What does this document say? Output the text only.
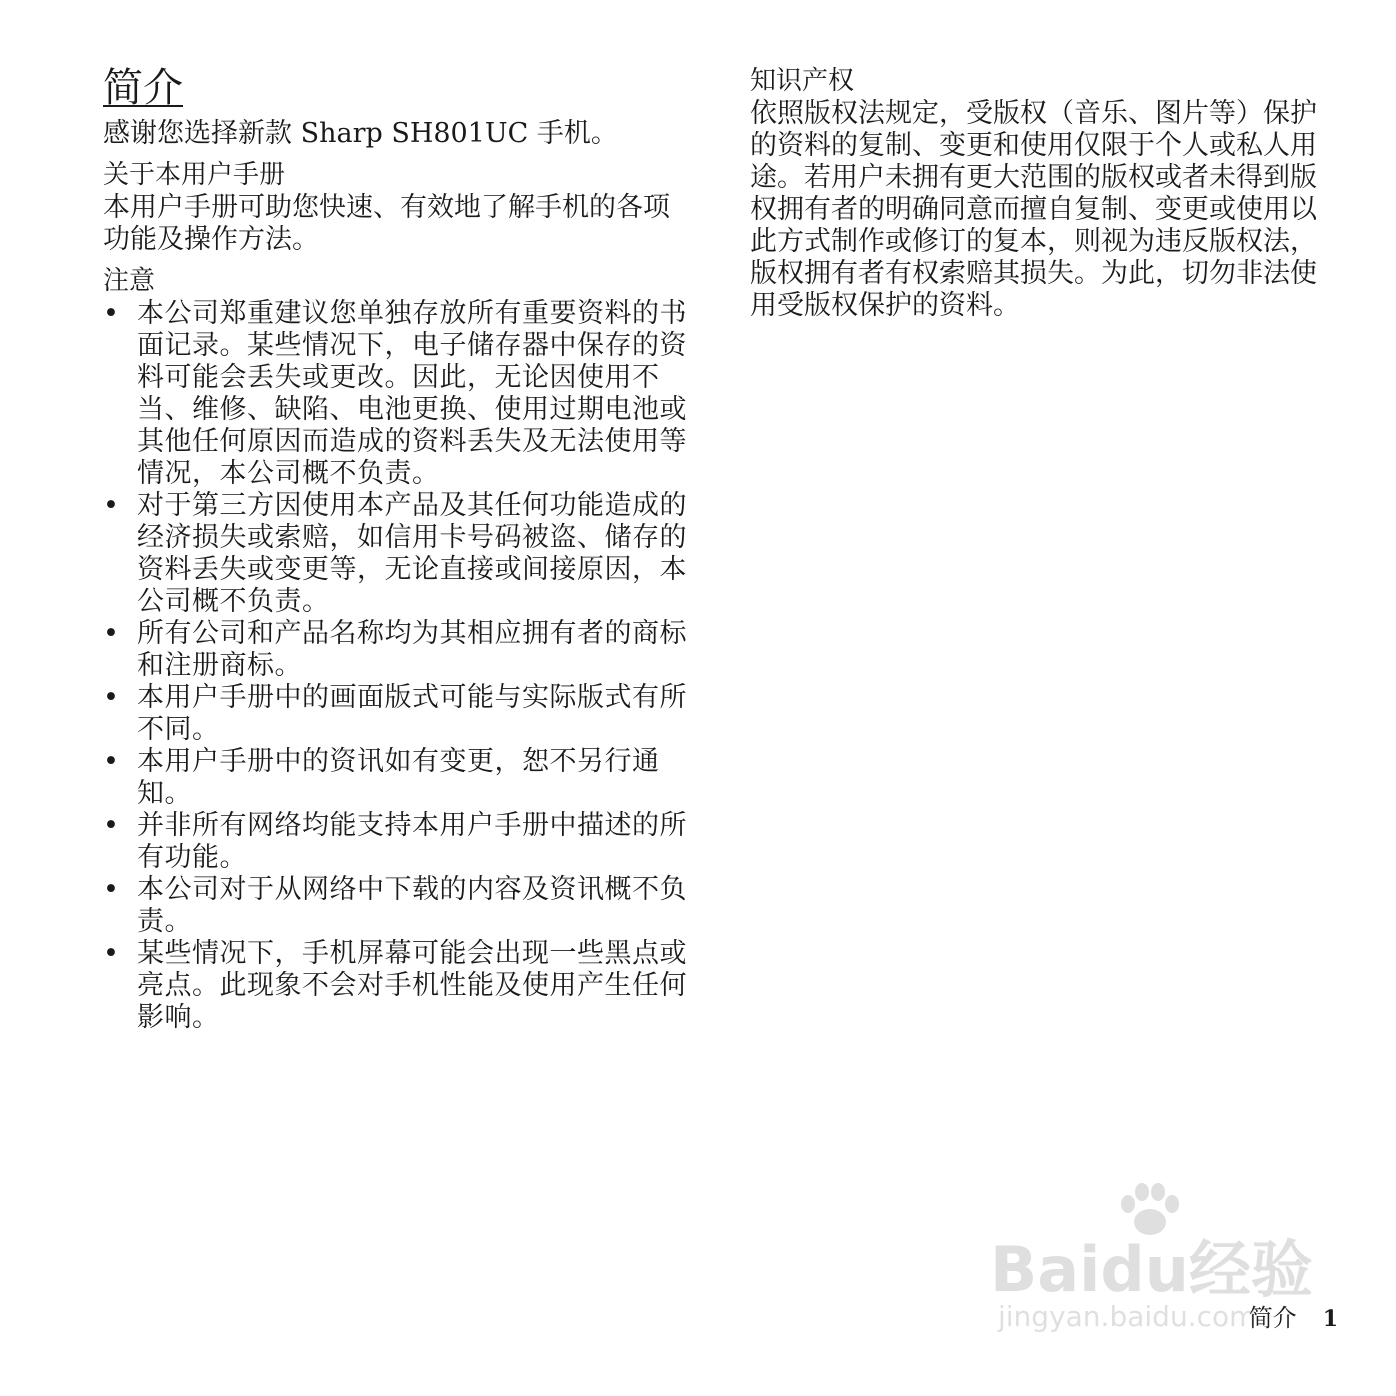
简介

感谢您选择新款 Sharp SH801UC 手机。

关于本用户手册

本用户手册可助您快速、有效地了解手机的各项功能及操作方法。

注意
• 本公司郑重建议您单独存放所有重要资料的书面记录。某些情况下，电子储存器中保存的资料可能会丢失或更改。因此，无论因使用不当、维修、缺陷、电池更换、使用过期电池或其他任何原因而造成的资料丢失及无法使用等情况，本公司概不负责。
• 对于第三方因使用本产品及其任何功能造成的经济损失或索赔，如信用卡号码被盗、储存的资料丢失或变更等，无论直接或间接原因，本公司概不负责。
• 所有公司和产品名称均为其相应拥有者的商标和注册商标。
• 本用户手册中的画面版式可能与实际版式有所不同。
• 本用户手册中的资讯如有变更，恕不另行通知。
• 并非所有网络均能支持本用户手册中描述的所有功能。
• 本公司对于从网络中下载的内容及资讯概不负责。
• 某些情况下，手机屏幕可能会出现一些黑点或亮点。此现象不会对手机性能及使用产生任何影响。
知识产权

依照版权法规定，受版权（音乐、图片等）保护的资料的复制、变更和使用仅限于个人或私人用途。若用户未拥有更大范围的版权或者未得到版权拥有者的明确同意而擅自复制、变更或使用以此方式制作或修订的复本，则视为违反版权法，版权拥有者有权索赔其损失。为此，切勿非法使用受版权保护的资料。

Baidu经验
jingyan.baidu.com
简介 1
